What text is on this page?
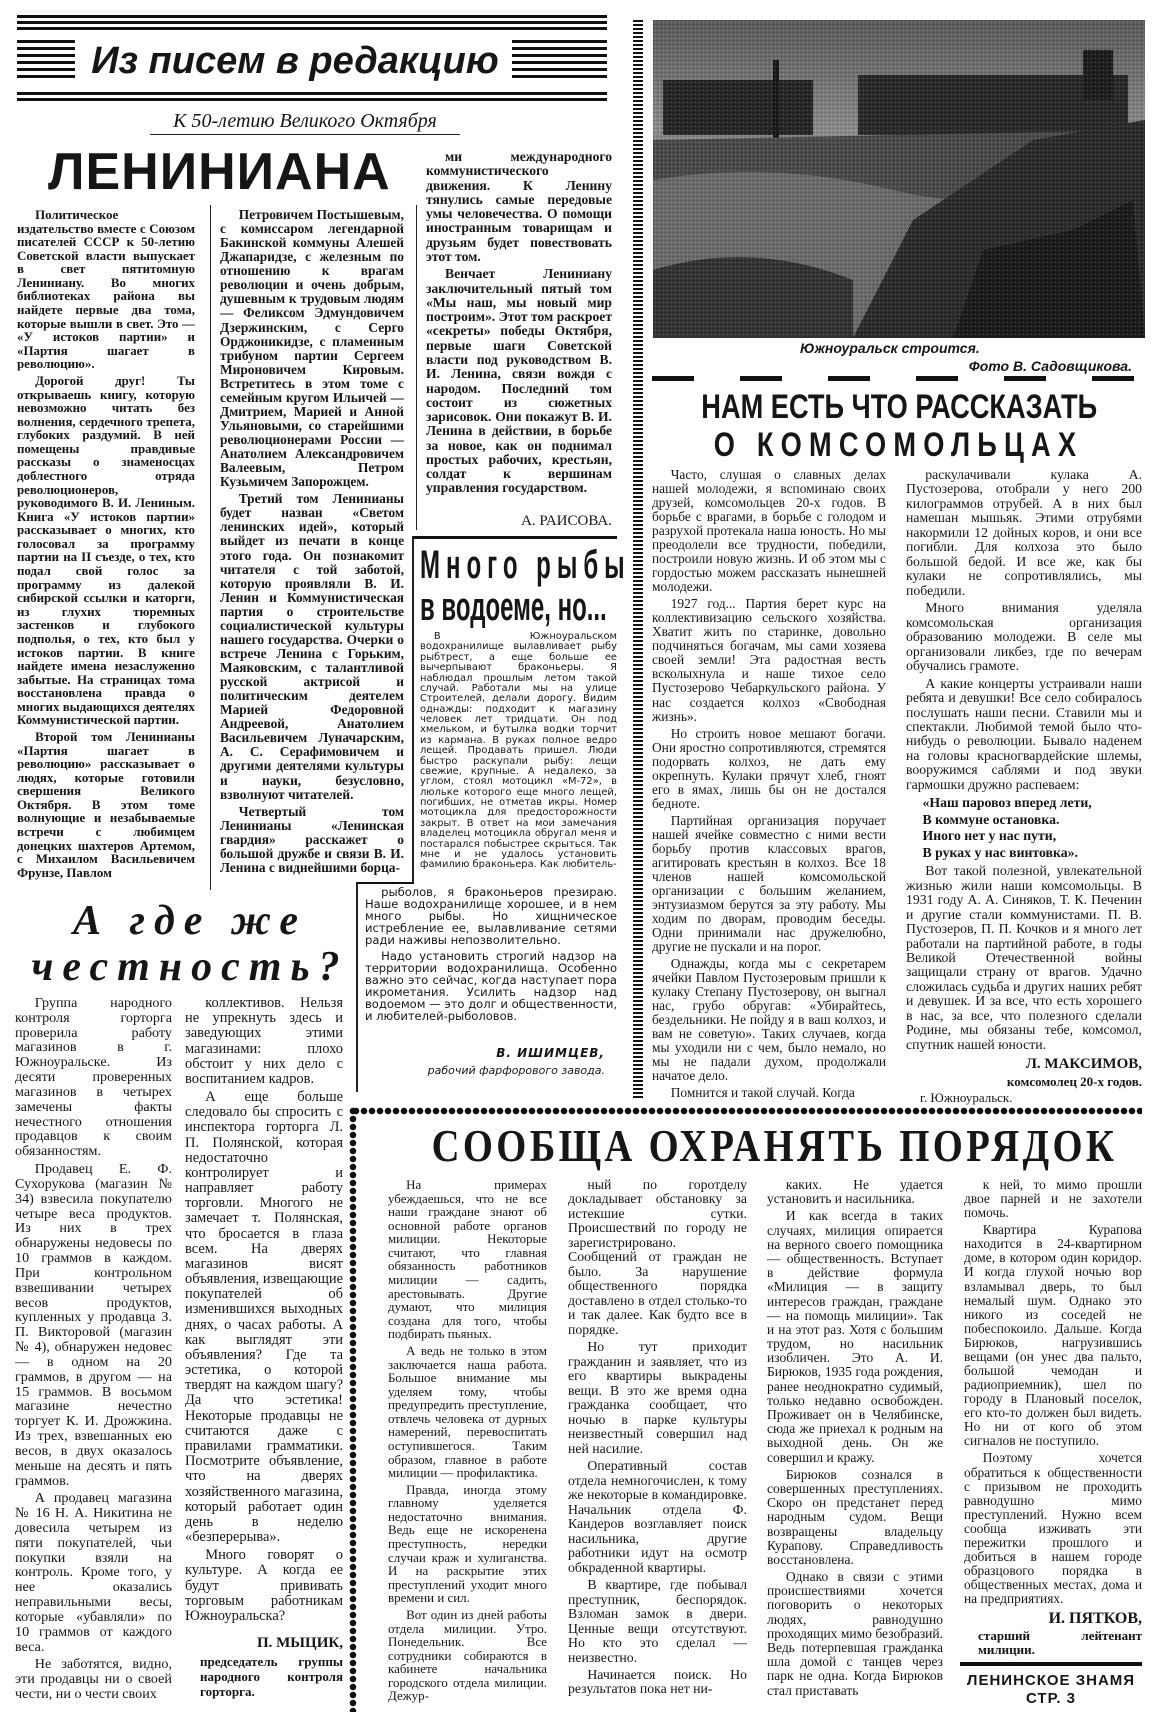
Из писем в редакцию
К 50-летию Великого Октября
ЛЕНИНИАНА

Политическое издательство вместе с Союзом писателей СССР к 50-летию Советской власти выпускает в свет пятитомную Лениниану. Во многих библиотеках района вы найдете первые два тома, которые вышли в свет. Это — «У истоков партии» и «Партия шагает в революцию».

Дорогой друг! Ты открываешь книгу, которую невозможно читать без волнения, сердечного трепета, глубоких раздумий. В ней помещены правдивые рассказы о знаменосцах доблестного отряда революционеров, руководимого В. И. Лениным. Книга «У истоков партии» рассказывает о многих, кто голосовал за программу партии на II съезде, о тех, кто подал свой голос за программу из далекой сибирской ссылки и каторги, из глухих тюремных застенков и глубокого подполья, о тех, кто был у истоков партии. В книге найдете имена незаслуженно забытые. На страницах тома восстановлена правда о многих выдающихся деятелях Коммунистической партии.

Второй том Ленинианы «Партия шагает в революцию» рассказывает о людях, которые готовили свершения Великого Октября. В этом томе волнующие и незабываемые встречи с любимцем донецких шахтеров Артемом, с Михаилом Васильевичем Фрунзе, Павлом

Петровичем Постышевым, с комиссаром легендарной Бакинской коммуны Алешей Джапаридзе, с железным по отношению к врагам революции и очень добрым, душевным к трудовым людям — Феликсом Эдмундовичем Дзержинским, с Серго Орджоникидзе, с пламенным трибуном партии Сергеем Мироновичем Кировым. Встретитесь в этом томе с семейным кругом Ильичей — Дмитрием, Марией и Анной Ульяновыми, со старейшими революционерами России — Анатолием Александровичем Валеевым, Петром Кузьмичем Запорожцем.

Третий том Ленинианы будет назван «Светом ленинских идей», который выйдет из печати в конце этого года. Он познакомит читателя с той заботой, которую проявляли В. И. Ленин и Коммунистическая партия о строительстве социалистической культуры нашего государства. Очерки о встрече Ленина с Горьким, Маяковским, с талантливой русской актрисой и политическим деятелем Марией Федоровной Андреевой, Анатолием Васильевичем Луначарским, А. С. Серафимовичем и другими деятелями культуры и науки, безусловно, взволнуют читателей.

Четвертый том Ленинианы «Ленинская гвардия» расскажет о большой дружбе и связи В. И. Ленина с виднейшими борца-

ми международного коммунистического движения. К Ленину тянулись самые передовые умы человечества. О помощи иностранным товарищам и друзьям будет повествовать этот том.

Венчает Лениниану заключительный пятый том «Мы наш, мы новый мир построим». Этот том раскроет «секреты» победы Октября, первые шаги Советской власти под руководством В. И. Ленина, связи вождя с народом. Последний том состоит из сюжетных зарисовок. Они покажут В. И. Ленина в действии, в борьбе за новое, как он поднимал простых рабочих, крестьян, солдат к вершинам управления государством.

А. РАИСОВА.
Много рыбы
в водоеме, но...

В Южноуральском водохранилище вылавливает рыбу рыбтрест, а еще больше ее вычерпывают браконьеры. Я наблюдал прошлым летом такой случай. Работали мы на улице Строителей, делали дорогу. Видим однажды: подходит к магазину человек лет тридцати. Он под хмельком, и бутылка водки торчит из кармана. В руках полное ведро лещей. Продавать пришел. Люди быстро раскупали рыбу: лещи свежие, крупные. А недалеко, за углом, стоял мотоцикл «М-72», в люльке которого еще много лещей, погибших, не отметав икры. Номер мотоцикла для предосторожности закрыт. В ответ на мои замечания владелец мотоцикла обругал меня и постарался побыстрее скрыться. Так мне и не удалось установить фамилию браконьера. Как любитель-

рыболов, я браконьеров презираю. Наше водохранилище хорошее, и в нем много рыбы. Но хищническое истребление ее, вылавливание сетями ради наживы непозволительно.

Надо установить строгий надзор на территории водохранилища. Особенно важно это сейчас, когда наступает пора икрометания. Усилить надзор над водоемом — это долг и общественности, и любителей-рыболовов.

В. ИШИМЦЕВ,
рабочий фарфорового завода.
А где же
честность?

Группа народного контроля горторга проверила работу магазинов в г. Южноуральске. Из десяти проверенных магазинов в четырех замечены факты нечестного отношения продавцов к своим обязанностям.

Продавец Е. Ф. Сухорукова (магазин № 34) взвесила покупателю четыре веса продуктов. Из них в трех обнаружены недовесы по 10 граммов в каждом. При контрольном взвешивании четырех весов продуктов, купленных у продавца З. П. Викторовой (магазин № 4), обнаружен недовес — в одном на 20 граммов, в другом — на 15 граммов. В восьмом магазине нечестно торгует К. И. Дрожжина. Из трех, взвешанных ею весов, в двух оказалось меньше на десять и пять граммов.

А продавец магазина № 16 Н. А. Никитина не довесила четырем из пяти покупателей, чьи покупки взяли на контроль. Кроме того, у нее оказались неправильными весы, которые «убавляли» по 10 граммов от каждого веса.

Не заботятся, видно, эти продавцы ни о своей чести, ни о чести своих

коллективов. Нельзя не упрекнуть здесь и заведующих этими магазинами: плохо обстоит у них дело с воспитанием кадров.

А еще больше следовало бы спросить с инспектора горторга Л. П. Полянской, которая недостаточно контролирует и направляет работу торговли. Многого не замечает т. Полянская, что бросается в глаза всем. На дверях магазинов висят объявления, извещающие покупателей об изменившихся выходных днях, о часах работы. А как выглядят эти объявления? Где та эстетика, о которой твердят на каждом шагу? Да что эстетика! Некоторые продавцы не считаются даже с правилами грамматики. Посмотрите объявление, что на дверях хозяйственного магазина, который работает один день в неделю «безперерыва».

Много говорят о культуре. А когда ее будут прививать торговым работникам Южноуральска?

П. МЫЦИК,
председатель группы народного контроля горторга.
Южноуральск строится.
Фото В. Садовщикова.
НАМ ЕСТЬ ЧТО РАССКАЗАТЬ
О КОМСОМОЛЬЦАХ

Часто, слушая о славных делах нашей молодежи, я вспоминаю своих друзей, комсомольцев 20-х годов. В борьбе с врагами, в борьбе с голодом и разрухой протекала наша юность. Но мы преодолели все трудности, победили, построили новую жизнь. И об этом мы с гордостью можем рассказать нынешней молодежи.

1927 год... Партия берет курс на коллективизацию сельского хозяйства. Хватит жить по старинке, довольно подчиняться богачам, мы сами хозяева своей земли! Эта радостная весть всколыхнула и наше тихое село Пустозерово Чебаркульского района. У нас создается колхоз «Свободная жизнь».

Но строить новое мешают богачи. Они яростно сопротивляются, стремятся подорвать колхоз, не дать ему окрепнуть. Кулаки прячут хлеб, гноят его в ямах, лишь бы он не достался бедноте.

Партийная организация поручает нашей ячейке совместно с ними вести борьбу против классовых врагов, агитировать крестьян в колхоз. Все 18 членов нашей комсомольской организации с большим желанием, энтузиазмом берутся за эту работу. Мы ходим по дворам, проводим беседы. Одни принимали нас дружелюбно, другие не пускали и на порог.

Однажды, когда мы с секретарем ячейки Павлом Пустозеровым пришли к кулаку Степану Пустозерову, он выгнал нас, грубо обругав: «Убирайтесь, бездельники. Не пойду я в ваш колхоз, и вам не советую». Таких случаев, когда мы уходили ни с чем, было немало, но мы не падали духом, продолжали начатое дело.

Помнится и такой случай. Когда

раскулачивали кулака А. Пустозерова, отобрали у него 200 килограммов отрубей. А в них был намешан мышьяк. Этими отрубями накормили 12 дойных коров, и они все погибли. Для колхоза это было большой бедой. И все же, как бы кулаки не сопротивлялись, мы победили.

Много внимания уделяла комсомольская организация образованию молодежи. В селе мы организовали ликбез, где по вечерам обучались грамоте.

А какие концерты устраивали наши ребята и девушки! Все село собиралось послушать наши песни. Ставили мы и спектакли. Любимой темой было что-нибудь о революции. Бывало наденем на головы красногвардейские шлемы, вооружимся саблями и под звуки гармошки дружно распеваем:

«Наш паровоз вперед лети,
В коммуне остановка.
Иного нет у нас пути,
В руках у нас винтовка».

Вот такой полезной, увлекательной жизнью жили наши комсомольцы. В 1931 году А. А. Синяков, Т. К. Печенин и другие стали коммунистами. П. В. Пустозеров, П. П. Кочков и я много лет работали на партийной работе, в годы Великой Отечественной войны защищали страну от врагов. Удачно сложилась судьба и других наших ребят и девушек. И за все, что есть хорошего в нас, за все, что полезного сделали Родине, мы обязаны тебе, комсомол, спутник нашей юности.

Л. МАКСИМОВ,
комсомолец 20-х годов.
г. Южноуральск.
СООБЩА ОХРАНЯТЬ ПОРЯДОК

На примерах убеждаешься, что не все наши граждане знают об основной работе органов милиции. Некоторые считают, что главная обязанность работников милиции — садить, арестовывать. Другие думают, что милиция создана для того, чтобы подбирать пьяных.

А ведь не только в этом заключается наша работа. Большое внимание мы уделяем тому, чтобы предупредить преступление, отвлечь человека от дурных намерений, перевоспитать оступившегося. Таким образом, главное в работе милиции — профилактика.

Правда, иногда этому главному уделяется недостаточно внимания. Ведь еще не искоренена преступность, нередки случаи краж и хулиганства. И на раскрытие этих преступлений уходит много времени и сил.

Вот один из дней работы отдела милиции. Утро. Понедельник. Все сотрудники собираются в кабинете начальника городского отдела милиции. Дежур-

ный по горотделу докладывает обстановку за истекшие сутки. Происшествий по городу не зарегистрировано. Сообщений от граждан не было. За нарушение общественного порядка доставлено в отдел столько-то и так далее. Как будто все в порядке.

Но тут приходит гражданин и заявляет, что из его квартиры выкрадены вещи. В это же время одна гражданка сообщает, что ночью в парке культуры неизвестный совершил над ней насилие.

Оперативный состав отдела немногочислен, к тому же некоторые в командировке. Начальник отдела Ф. Кандеров возглавляет поиск насильника, другие работники идут на осмотр обкраденной квартиры.

В квартире, где побывал преступник, беспорядок. Взломан замок в двери. Ценные вещи отсутствуют. Но кто это сделал — неизвестно.

Начинается поиск. Но результатов пока нет ни-

каких. Не удается установить и насильника.

И как всегда в таких случаях, милиция опирается на верного своего помощника — общественность. Вступает в действие формула «Милиция — в защиту интересов граждан, граждане — на помощь милиции». Так и на этот раз. Хотя с большим трудом, но насильник изобличен. Это А. И. Бирюков, 1935 года рождения, ранее неоднократно судимый, только недавно освобожден. Проживает он в Челябинске, сюда же приехал к родным на выходной день. Он же совершил и кражу.

Бирюков сознался в совершенных преступлениях. Скоро он предстанет перед народным судом. Вещи возвращены владельцу Курапову. Справедливость восстановлена.

Однако в связи с этими происшествиями хочется поговорить о некоторых людях, равнодушно проходящих мимо безобразий. Ведь потерпевшая гражданка шла домой с танцев через парк не одна. Когда Бирюков стал приставать

к ней, то мимо прошли двое парней и не захотели помочь.

Квартира Курапова находится в 24-квартирном доме, в котором один коридор. И когда глухой ночью вор взламывал дверь, то был немалый шум. Однако это никого из соседей не побеспокоило. Дальше. Когда Бирюков, нагрузившись вещами (он унес два пальто, большой чемодан и радиоприемник), шел по городу в Плановый поселок, его кто-то должен был видеть. Но ни от кого об этом сигналов не поступило.

Поэтому хочется обратиться к общественности с призывом не проходить равнодушно мимо преступлений. Нужно всем сообща изживать эти пережитки прошлого и добиться в нашем городе образцового порядка в общественных местах, дома и на предприятиях.

И. ПЯТКОВ,
старший лейтенант милиции.
ЛЕНИНСКОЕ ЗНАМЯ
СТР. 3
